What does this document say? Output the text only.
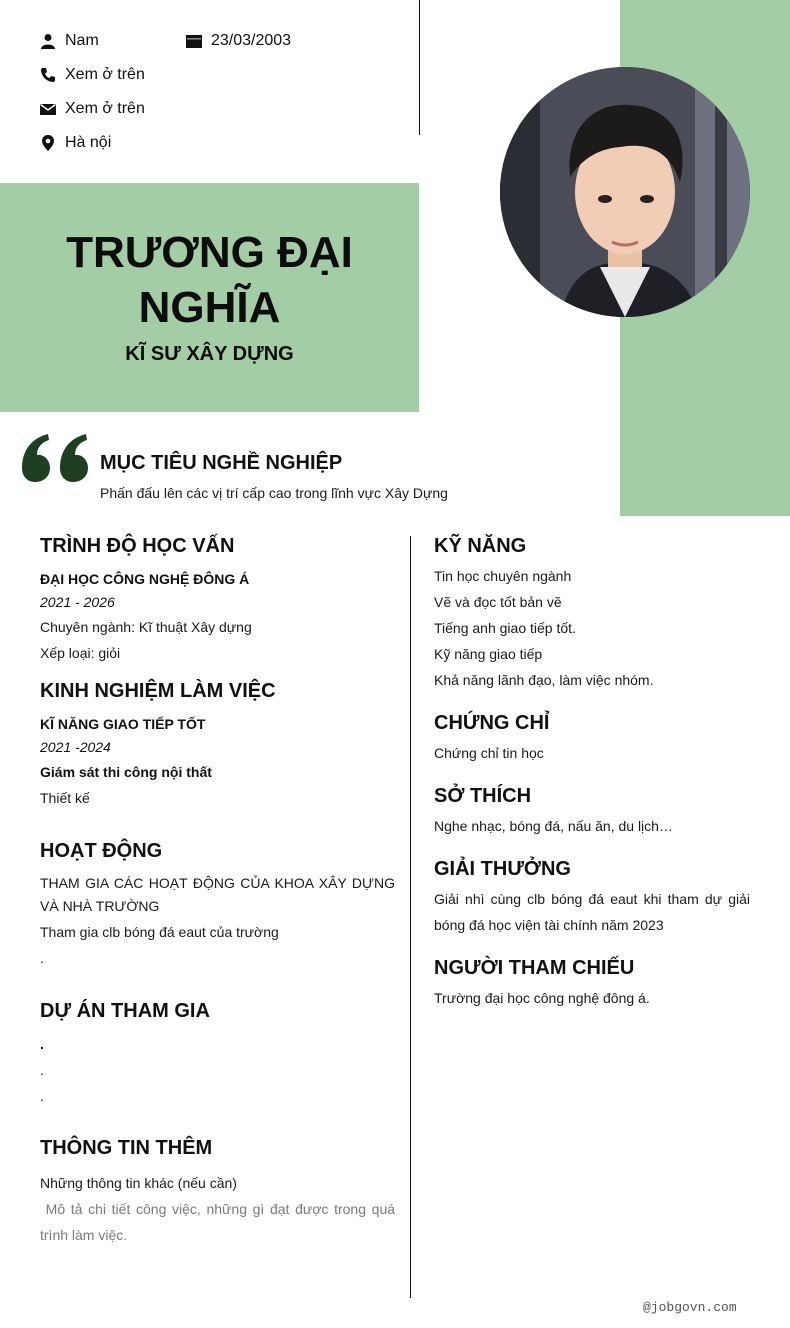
Nam	23/03/2003
Xem ở trên
Xem ở trên
Hà nội
TRƯƠNG ĐẠI
NGHĨA
KĨ SƯ XÂY DỰNG
MỤC TIÊU NGHỀ NGHIỆP
Phấn đấu lên các vị trí cấp cao trong lĩnh vực Xây Dựng
TRÌNH ĐỘ HỌC VẤN
ĐẠI HỌC CÔNG NGHỆ ĐÔNG Á
2021 - 2026
Chuyên ngành: Kĩ thuật Xây dựng
Xếp loại: giỏi
KINH NGHIỆM LÀM VIỆC
KĨ NĂNG GIAO TIẾP TỐT
2021 -2024
Giám sát thi công nội thất
Thiết kế
HOẠT ĐỘNG
THAM GIA CÁC HOẠT ĐỘNG CỦA KHOA XÂY DỰNG VÀ NHÀ TRƯỜNG
Tham gia clb bóng đá eaut của trường
.
DỰ ÁN THAM GIA
.
.
.
THÔNG TIN THÊM
Những thông tin khác (nếu cần)
Mô tả chi tiết công việc, những gì đạt được trong quá trình làm việc.
KỸ NĂNG
Tin học chuyên ngành
Vẽ và đọc tốt bản vẽ
Tiếng anh giao tiếp tốt.
Kỹ năng giao tiếp
Khả năng lãnh đạo, làm việc nhóm.
CHỨNG CHỈ
Chứng chỉ tin học
SỞ THÍCH
Nghe nhạc, bóng đá, nấu ăn, du lịch…
GIẢI THƯỞNG
Giải nhì cùng clb bóng đá eaut khi tham dự giải bóng đá học viện tài chính năm 2023
NGƯỜI THAM CHIẾU
Trường đại học công nghệ đông á.
@jobgovn.com
